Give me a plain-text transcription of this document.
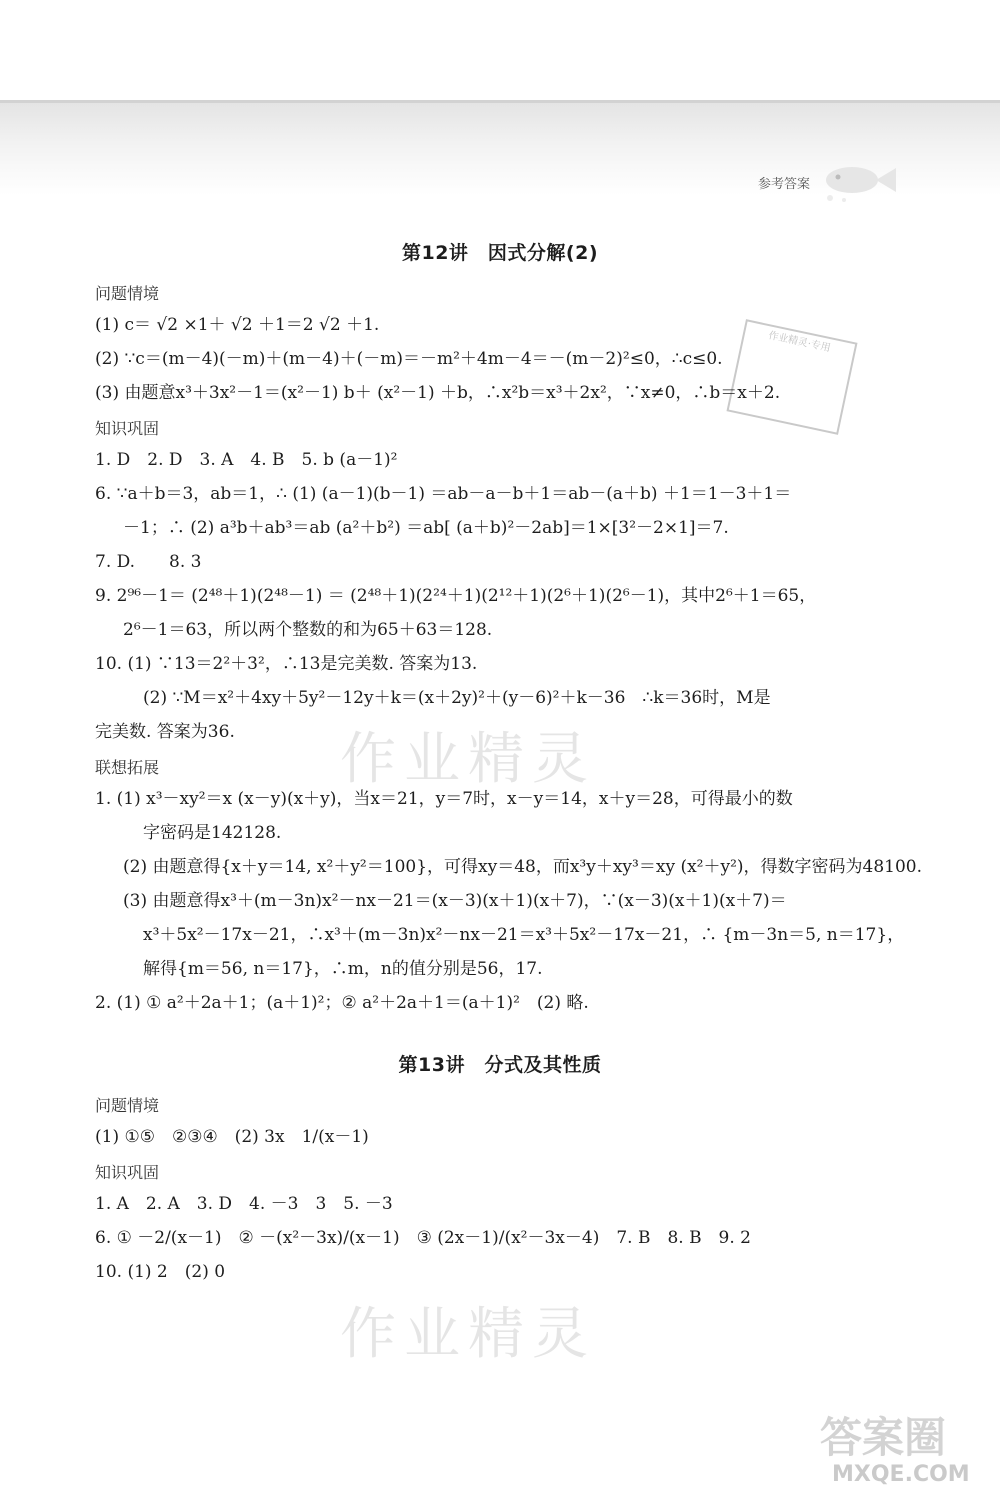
参考答案
作业精灵
作业精灵
作业精灵·专用
第12讲　因式分解(2)
问题情境
(1) c＝ √2 ×1＋ √2 ＋1＝2 √2 ＋1.
(2) ∵c＝(m－4)(－m)＋(m－4)＋(－m)＝－m²＋4m－4＝－(m－2)²≤0，∴c≤0.
(3) 由题意x³＋3x²－1＝(x²－1) b＋ (x²－1) ＋b，∴x²b＝x³＋2x²，∵x≠0，∴b＝x＋2.
知识巩固
1. D　2. D　3. A　4. B　5. b (a－1)²
6. ∵a＋b＝3，ab＝1，∴ (1) (a－1)(b－1) ＝ab－a－b＋1＝ab－(a＋b) ＋1＝1－3＋1＝
－1；∴ (2) a³b＋ab³＝ab (a²＋b²) ＝ab[ (a＋b)²－2ab]＝1×[3²－2×1]＝7.
7. D.　　8. 3
9. 2⁹⁶－1＝ (2⁴⁸＋1)(2⁴⁸－1) ＝ (2⁴⁸＋1)(2²⁴＋1)(2¹²＋1)(2⁶＋1)(2⁶－1)，其中2⁶＋1＝65，
2⁶－1＝63，所以两个整数的和为65＋63＝128.
10. (1) ∵13＝2²＋3²，∴13是完美数. 答案为13.
(2) ∵M＝x²＋4xy＋5y²－12y＋k＝(x＋2y)²＋(y－6)²＋k－36　∴k＝36时，M是
完美数. 答案为36.
联想拓展
1. (1) x³－xy²＝x (x－y)(x＋y)，当x＝21，y＝7时，x－y＝14，x＋y＝28，可得最小的数
字密码是142128.
(2) 由题意得{x＋y＝14, x²＋y²＝100}，可得xy＝48，而x³y＋xy³＝xy (x²＋y²)，得数字密码为48100.
(3) 由题意得x³＋(m－3n)x²－nx－21＝(x－3)(x＋1)(x＋7)，∵(x－3)(x＋1)(x＋7)＝
x³＋5x²－17x－21，∴x³＋(m－3n)x²－nx－21＝x³＋5x²－17x－21，∴ {m－3n＝5, n＝17}，
解得{m＝56, n＝17}，∴m，n的值分别是56，17.
2. (1) ① a²＋2a＋1；(a＋1)²；② a²＋2a＋1＝(a＋1)²　(2) 略.
第13讲　分式及其性质
问题情境
(1) ①⑤　②③④　(2) 3x　1/(x－1)
知识巩固
1. A　2. A　3. D　4. －3　3　5. －3
6. ① －2/(x－1)　② －(x²－3x)/(x－1)　③ (2x－1)/(x²－3x－4)　7. B　8. B　9. 2
10. (1) 2　(2) 0
答案圈
MXQE.COM
